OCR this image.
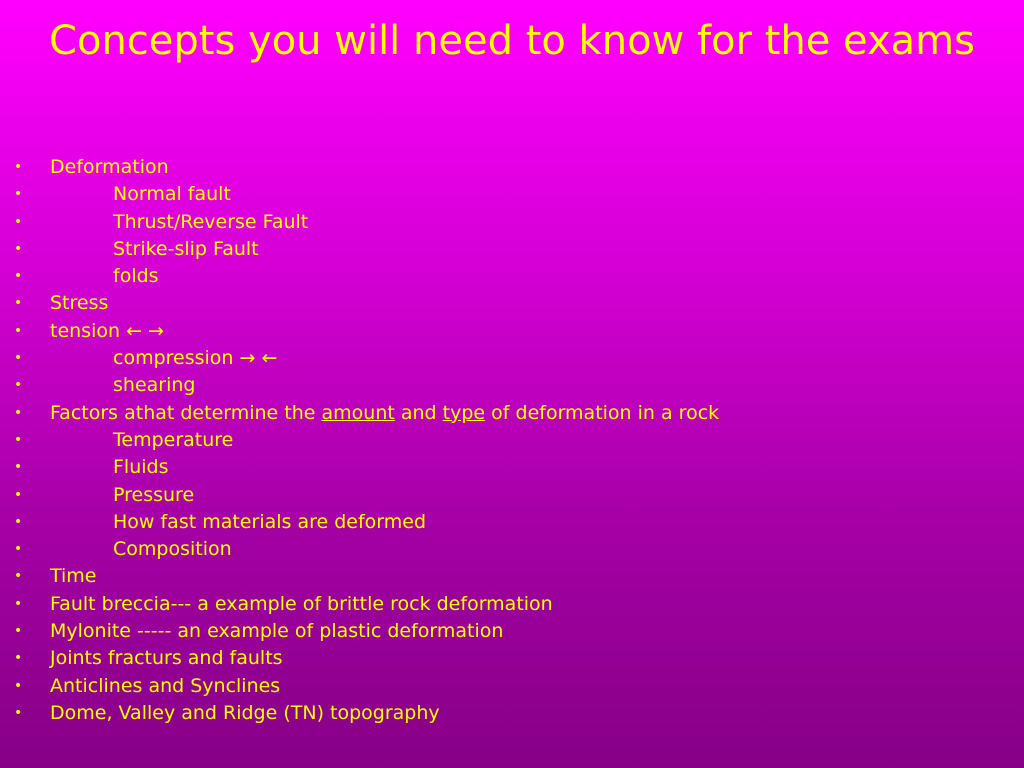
Concepts you will need to know for the exams
• Deformation
•	Normal fault
•	Thrust/Reverse Fault
•	Strike-slip Fault
•	folds
• Stress
• tension ← →
•	compression → ←
•	shearing
• Factors athat determine the amount and type of deformation in a rock
•	Temperature
•	Fluids
•	Pressure
•	How fast materials are deformed
•	Composition
• Time
• Fault breccia--- a example of brittle rock deformation
• Mylonite ----- an example of plastic deformation
• Joints fracturs and faults
• Anticlines and Synclines
• Dome, Valley and Ridge (TN) topography
